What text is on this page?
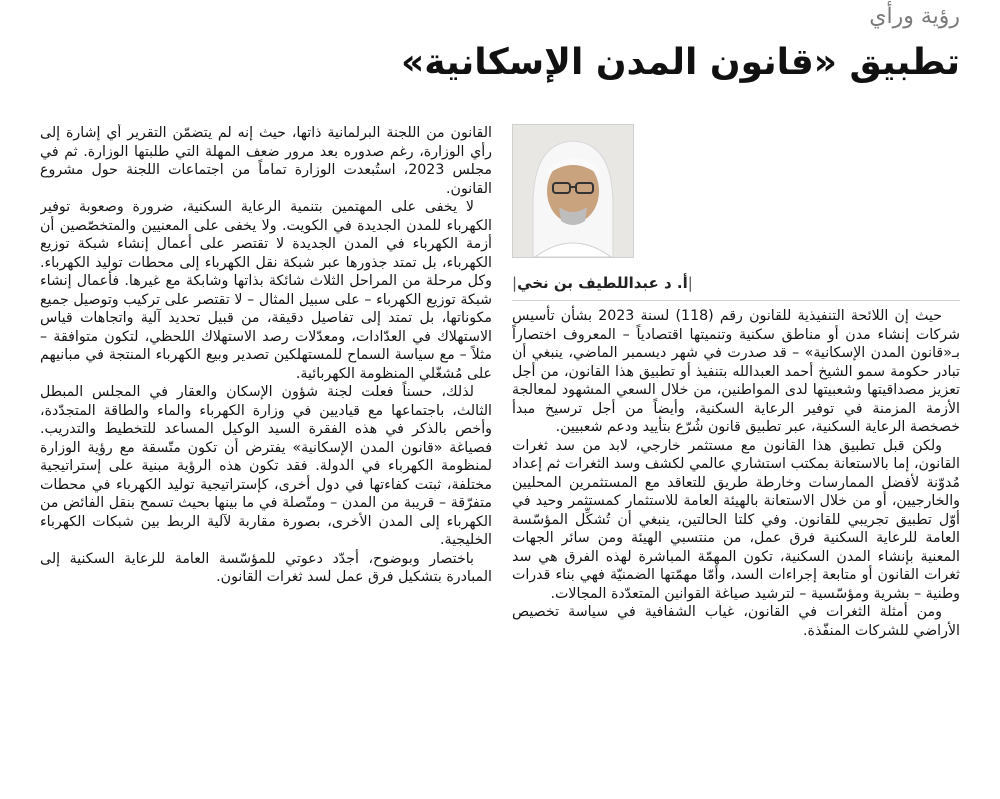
رؤية ورأي
تطبيق «قانون المدن الإسكانية»
|أ. د عبداللطيف بن نخي|

حيث إن اللائحة التنفيذية للقانون رقم (118) لسنة 2023 بشأن تأسيس شركات إنشاء مدن أو مناطق سكنية وتنميتها اقتصادياً – المعروف اختصاراً بـ«قانون المدن الإسكانية» – قد صدرت في شهر ديسمبر الماضي، ينبغي أن تبادر حكومة سمو الشيخ أحمد العبدالله بتنفيذ أو تطبيق هذا القانون، من أجل تعزيز مصداقيتها وشعبيتها لدى المواطنين، من خلال السعي المشهود لمعالجة الأزمة المزمنة في توفير الرعاية السكنية، وأيضاً من أجل ترسيخ مبدأ خصخصة الرعاية السكنية، عبر تطبيق قانون شُرّع بتأييد ودعم شعبيين.

ولكن قبل تطبيق هذا القانون مع مستثمر خارجي، لابد من سد ثغرات القانون، إما بالاستعانة بمكتب استشاري عالمي لكشف وسد الثغرات ثم إعداد مُدوّنة لأفضل الممارسات وخارطة طريق للتعاقد مع المستثمرين المحليين والخارجيين، أو من خلال الاستعانة بالهيئة العامة للاستثمار كمستثمر وحيد في أوّل تطبيق تجريبي للقانون. وفي كلتا الحالتين، ينبغي أن تُشكِّل المؤسّسة العامة للرعاية السكنية فرق عمل، من منتسبي الهيئة ومن سائر الجهات المعنية بإنشاء المدن السكنية، تكون المهمّة المباشرة لهذه الفرق هي سد ثغرات القانون أو متابعة إجراءات السد، وأمّا مهمّتها الضمنيّة فهي بناء قدرات وطنية – بشرية ومؤسّسية – لترشيد صياغة القوانين المتعدّدة المجالات.

ومن أمثلة الثغرات في القانون، غياب الشفافية في سياسة تخصيص الأراضي للشركات المنفّذة.

القانون من اللجنة البرلمانية ذاتها، حيث إنه لم يتضمّن التقرير أي إشارة إلى رأي الوزارة، رغم صدوره بعد مرور ضعف المهلة التي طلبتها الوزارة. ثم في مجلس 2023، استُبعدت الوزارة تماماً من اجتماعات اللجنة حول مشروع القانون.

لا يخفى على المهتمين بتنمية الرعاية السكنية، ضرورة وصعوبة توفير الكهرباء للمدن الجديدة في الكويت. ولا يخفى على المعنيين والمتخصّصين أن أزمة الكهرباء في المدن الجديدة لا تقتصر على أعمال إنشاء شبكة توزيع الكهرباء، بل تمتد جذورها عبر شبكة نقل الكهرباء إلى محطات توليد الكهرباء. وكل مرحلة من المراحل الثلاث شائكة بذاتها وشابكة مع غيرها. فأعمال إنشاء شبكة توزيع الكهرباء – على سبيل المثال – لا تقتصر على تركيب وتوصيل جميع مكوناتها، بل تمتد إلى تفاصيل دقيقة، من قبيل تحديد آلية واتجاهات قياس الاستهلاك في العدّادات، ومعدّلات رصد الاستهلاك اللحظي، لتكون متوافقة – مثلاً – مع سياسة السماح للمستهلكين تصدير وبيع الكهرباء المنتجة في مبانيهم على مُشغّلي المنظومة الكهربائية.

لذلك، حسناً فعلت لجنة شؤون الإسكان والعقار في المجلس المبطل الثالث، باجتماعها مع قياديين في وزارة الكهرباء والماء والطاقة المتجدّدة، وأخص بالذكر في هذه الفقرة السيد الوكيل المساعد للتخطيط والتدريب. فصياغة «قانون المدن الإسكانية» يفترض أن تكون متّسقة مع رؤية الوزارة لمنظومة الكهرباء في الدولة. فقد تكون هذه الرؤية مبنية على إستراتيجية مختلفة، ثبتت كفاءتها في دول أخرى، كإستراتيجية توليد الكهرباء في محطات متفرّقة – قريبة من المدن – ومتّصلة في ما بينها بحيث تسمح بنقل الفائض من الكهرباء إلى المدن الأخرى، بصورة مقاربة لآلية الربط بين شبكات الكهرباء الخليجية.

باختصار وبوضوح، أجدّد دعوتي للمؤسّسة العامة للرعاية السكنية إلى المبادرة بتشكيل فرق عمل لسد ثغرات القانون.
